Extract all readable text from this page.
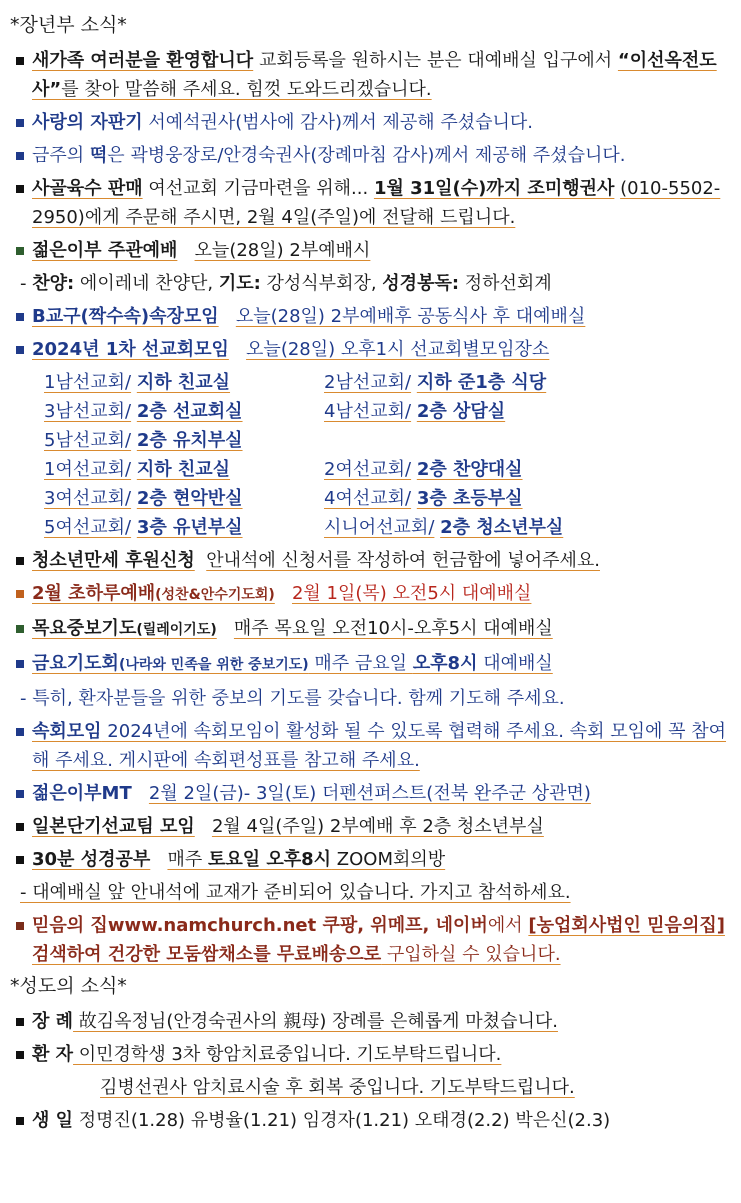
*장년부 소식*
새가족 여러분을 환영합니다 교회등록을 원하시는 분은 대예배실 입구에서 “이선옥전도사”를 찾아 말씀해 주세요. 힘껏 도와드리겠습니다.
사랑의 자판기 서예석권사(범사에 감사)께서 제공해 주셨습니다.
금주의 떡은 곽병웅장로/안경숙권사(장례마침 감사)께서 제공해 주셨습니다.
사골육수 판매 여선교회 기금마련을 위해... 1월 31일(수)까지 조미행권사 (010-5502-2950)에게 주문해 주시면, 2월 4일(주일)에 전달해 드립니다.
젊은이부 주관예배 오늘(28일) 2부예배시
- 찬양: 에이레네 찬양단, 기도: 강성식부회장, 성경봉독: 정하선회계
B교구(짝수속)속장모임 오늘(28일) 2부예배후 공동식사 후 대예배실
2024년 1차 선교회모임 오늘(28일) 오후1시 선교회별모임장소
1남선교회/ 지하 친교실	2남선교회/ 지하 준1층 식당
3남선교회/ 2층 선교회실	4남선교회/ 2층 상담실
5남선교회/ 2층 유치부실
1여선교회/ 지하 친교실	2여선교회/ 2층 찬양대실
3여선교회/ 2층 현악반실	4여선교회/ 3층 초등부실
5여선교회/ 3층 유년부실	시니어선교회/ 2층 청소년부실
청소년만세 후원신청 안내석에 신청서를 작성하여 헌금함에 넣어주세요.
2월 초하루예배(성찬&안수기도회) 2월 1일(목) 오전5시 대예배실
목요중보기도(릴레이기도) 매주 목요일 오전10시-오후5시 대예배실
금요기도회(나라와 민족을 위한 중보기도) 매주 금요일 오후8시 대예배실
- 특히, 환자분들을 위한 중보의 기도를 갖습니다. 함께 기도해 주세요.
속회모임 2024년에 속회모임이 활성화 될 수 있도록 협력해 주세요. 속회 모임에 꼭 참여해 주세요. 게시판에 속회편성표를 참고해 주세요.
젊은이부MT 2월 2일(금)- 3일(토) 더펜션퍼스트(전북 완주군 상관면)
일본단기선교팀 모임 2월 4일(주일) 2부예배 후 2층 청소년부실
30분 성경공부 매주 토요일 오후8시 ZOOM회의방
- 대예배실 앞 안내석에 교재가 준비되어 있습니다. 가지고 참석하세요.
믿음의 집www.namchurch.net 쿠팡, 위메프, 네이버에서 [농업회사법인 믿음의집] 검색하여 건강한 모둠쌈채소를 무료배송으로 구입하실 수 있습니다.
*성도의 소식*
장 례 故김옥정님(안경숙권사의 親母) 장례를 은혜롭게 마쳤습니다.
환 자 이민경학생 3차 항암치료중입니다. 기도부탁드립니다.
김병선권사 암치료시술 후 회복 중입니다. 기도부탁드립니다.
생 일 정명진(1.28) 유병율(1.21) 임경자(1.21) 오태경(2.2) 박은신(2.3)
